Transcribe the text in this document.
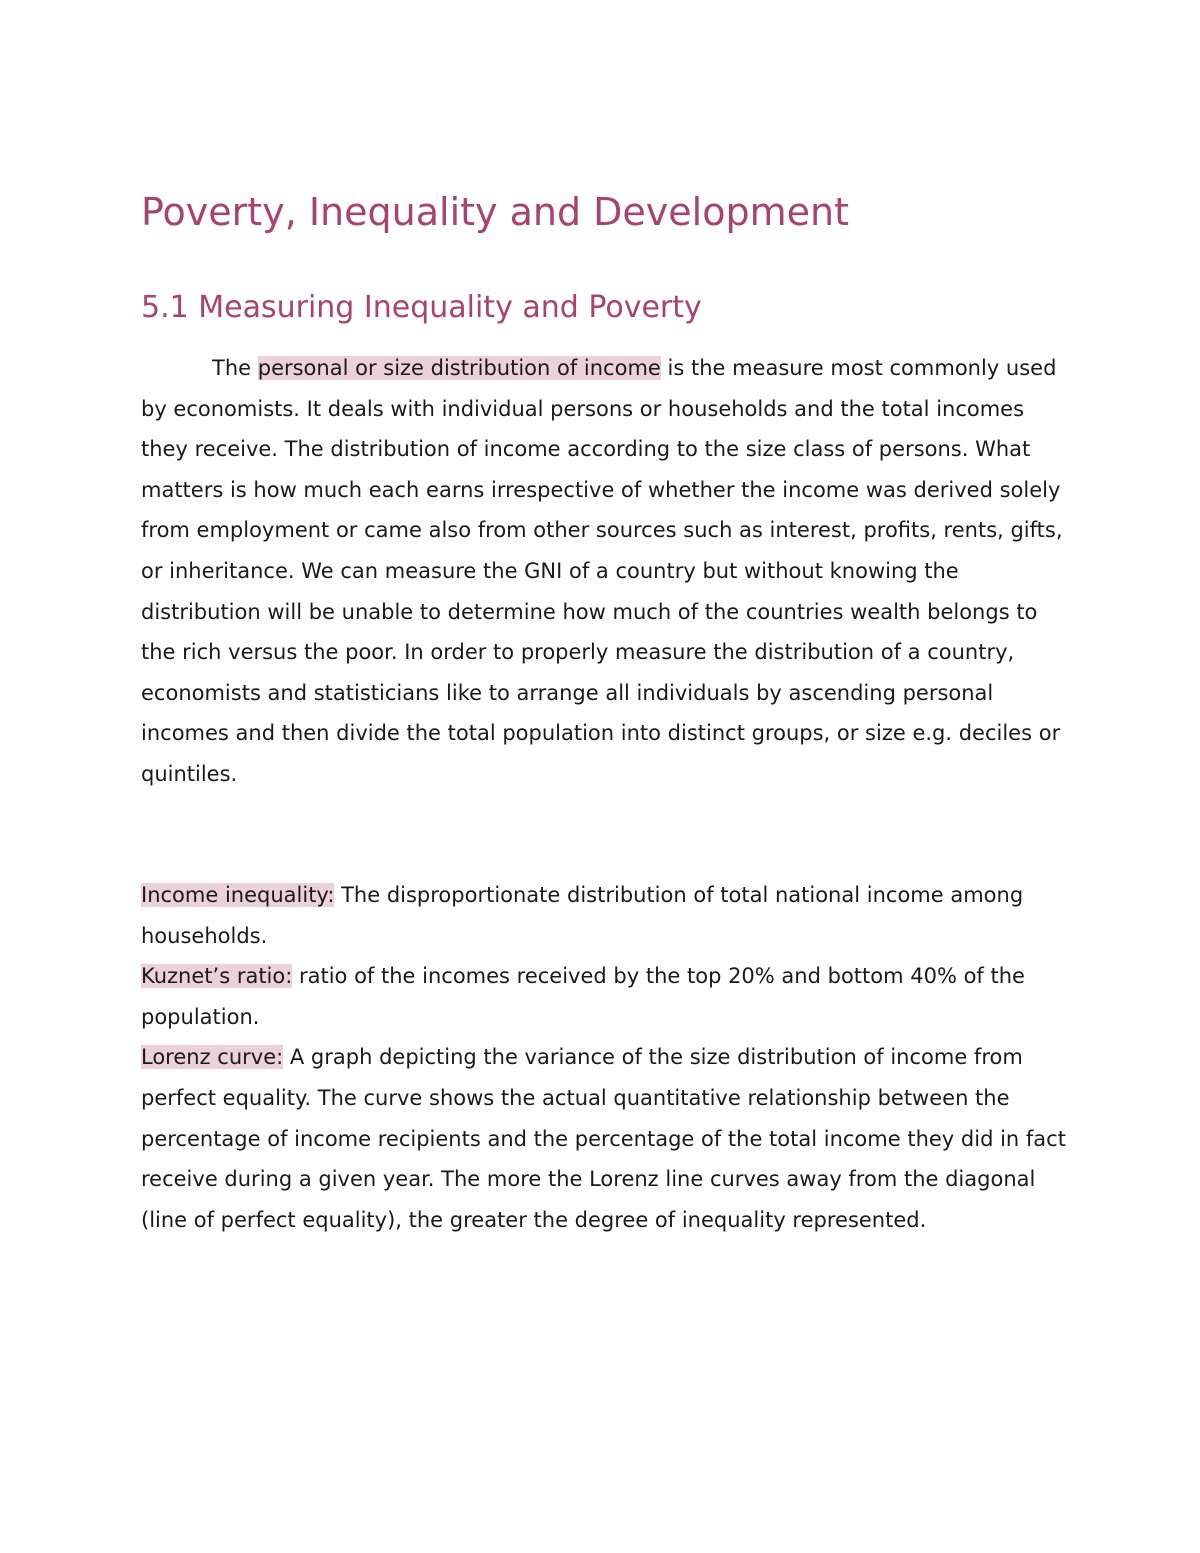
Poverty, Inequality and Development
5.1 Measuring Inequality and Poverty

The personal or size distribution of income is the measure most commonly used by economists. It deals with individual persons or households and the total incomes they receive. The distribution of income according to the size class of persons. What matters is how much each earns irrespective of whether the income was derived solely from employment or came also from other sources such as interest, profits, rents, gifts, or inheritance. We can measure the GNI of a country but without knowing the distribution will be unable to determine how much of the countries wealth belongs to the rich versus the poor. In order to properly measure the distribution of a country, economists and statisticians like to arrange all individuals by ascending personal incomes and then divide the total population into distinct groups, or size e.g. deciles or quintiles.

Income inequality: The disproportionate distribution of total national income among households.
Kuznet’s ratio: ratio of the incomes received by the top 20% and bottom 40% of the population.
Lorenz curve: A graph depicting the variance of the size distribution of income from perfect equality. The curve shows the actual quantitative relationship between the percentage of income recipients and the percentage of the total income they did in fact receive during a given year. The more the Lorenz line curves away from the diagonal (line of perfect equality), the greater the degree of inequality represented.
